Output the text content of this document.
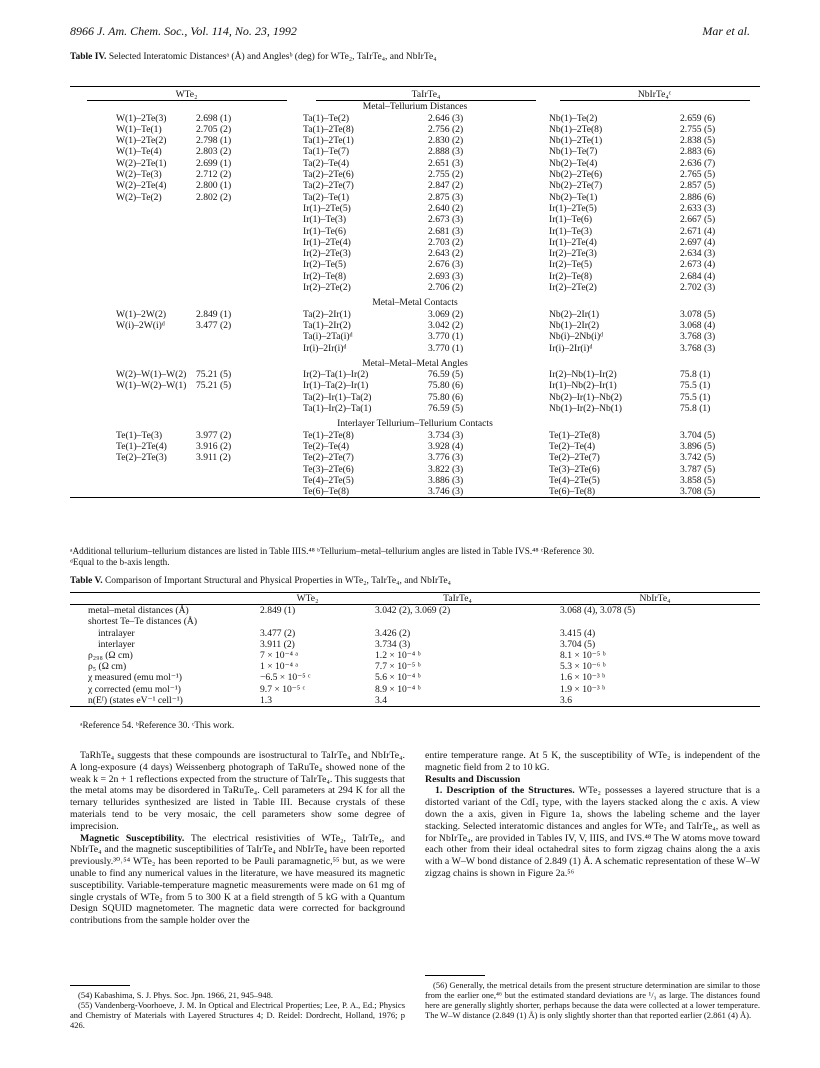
8966 J. Am. Chem. Soc., Vol. 114, No. 23, 1992	Mar et al.
Table IV. Selected Interatomic Distancesᵃ (Å) and Anglesᵇ (deg) for WTe₂, TaIrTe₄, and NbIrTe₄
WTe₂		TaIrTe₄		NbIrTe₄ᶜ	
Metal–Tellurium Distances					
W(1)–2Te(3)	2.698 (1)	Ta(1)–Te(2)	2.646 (3)	Nb(1)–Te(2)	2.659 (6)
W(1)–Te(1)	2.705 (2)	Ta(1)–2Te(8)	2.756 (2)	Nb(1)–2Te(8)	2.755 (5)
W(1)–2Te(2)	2.798 (1)	Ta(1)–2Te(1)	2.830 (2)	Nb(1)–2Te(1)	2.838 (5)
W(1)–Te(4)	2.803 (2)	Ta(1)–Te(7)	2.888 (3)	Nb(1)–Te(7)	2.883 (6)
W(2)–2Te(1)	2.699 (1)	Ta(2)–Te(4)	2.651 (3)	Nb(2)–Te(4)	2.636 (7)
W(2)–Te(3)	2.712 (2)	Ta(2)–2Te(6)	2.755 (2)	Nb(2)–2Te(6)	2.765 (5)
W(2)–2Te(4)	2.800 (1)	Ta(2)–2Te(7)	2.847 (2)	Nb(2)–2Te(7)	2.857 (5)
W(2)–Te(2)	2.802 (2)	Ta(2)–Te(1)	2.875 (3)	Nb(2)–Te(1)	2.886 (6)
		Ir(1)–2Te(5)	2.640 (2)	Ir(1)–2Te(5)	2.633 (3)
		Ir(1)–Te(3)	2.673 (3)	Ir(1)–Te(6)	2.667 (5)
		Ir(1)–Te(6)	2.681 (3)	Ir(1)–Te(3)	2.671 (4)
		Ir(1)–2Te(4)	2.703 (2)	Ir(1)–2Te(4)	2.697 (4)
		Ir(2)–2Te(3)	2.643 (2)	Ir(2)–2Te(3)	2.634 (3)
		Ir(2)–Te(5)	2.676 (3)	Ir(2)–Te(5)	2.673 (4)
		Ir(2)–Te(8)	2.693 (3)	Ir(2)–Te(8)	2.684 (4)
		Ir(2)–2Te(2)	2.706 (2)	Ir(2)–2Te(2)	2.702 (3)

Metal–Metal Contacts					
W(1)–2W(2)	2.849 (1)	Ta(2)–2Ir(1)	3.069 (2)	Nb(2)–2Ir(1)	3.078 (5)
W(i)–2W(i)ᵈ	3.477 (2)	Ta(1)–2Ir(2)	3.042 (2)	Nb(1)–2Ir(2)	3.068 (4)
		Ta(i)–2Ta(i)ᵈ	3.770 (1)	Nb(i)–2Nb(i)ᵈ	3.768 (3)
		Ir(i)–2Ir(i)ᵈ	3.770 (1)	Ir(i)–2Ir(i)ᵈ	3.768 (3)

Metal–Metal–Metal Angles					
W(2)–W(1)–W(2)	75.21 (5)	Ir(2)–Ta(1)–Ir(2)	76.59 (5)	Ir(2)–Nb(1)–Ir(2)	75.8 (1)
W(1)–W(2)–W(1)	75.21 (5)	Ir(1)–Ta(2)–Ir(1)	75.80 (6)	Ir(1)–Nb(2)–Ir(1)	75.5 (1)
		Ta(2)–Ir(1)–Ta(2)	75.80 (6)	Nb(2)–Ir(1)–Nb(2)	75.5 (1)
		Ta(1)–Ir(2)–Ta(1)	76.59 (5)	Nb(1)–Ir(2)–Nb(1)	75.8 (1)

Interlayer Tellurium–Tellurium Contacts					
Te(1)–Te(3)	3.977 (2)	Te(1)–2Te(8)	3.734 (3)	Te(1)–2Te(8)	3.704 (5)
Te(1)–2Te(4)	3.916 (2)	Te(2)–Te(4)	3.928 (4)	Te(2)–Te(4)	3.896 (5)
Te(2)–2Te(3)	3.911 (2)	Te(2)–2Te(7)	3.776 (3)	Te(2)–2Te(7)	3.742 (5)
		Te(3)–2Te(6)	3.822 (3)	Te(3)–2Te(6)	3.787 (5)
		Te(4)–2Te(5)	3.886 (3)	Te(4)–2Te(5)	3.858 (5)
		Te(6)–Te(8)	3.746 (3)	Te(6)–Te(8)	3.708 (5)
ᵃAdditional tellurium–tellurium distances are listed in Table IIIS.⁴⁸ ᵇTellurium–metal–tellurium angles are listed in Table IVS.⁴⁸ ᶜReference 30.
ᵈEqual to the b-axis length.
Table V. Comparison of Important Structural and Physical Properties in WTe₂, TaIrTe₄, and NbIrTe₄
	WTe₂	TaIrTe₄	NbIrTe₄
metal–metal distances (Å)	2.849 (1)	3.042 (2), 3.069 (2)	3.068 (4), 3.078 (5)
shortest Te–Te distances (Å)			
intralayer	3.477 (2)	3.426 (2)	3.415 (4)
interlayer	3.911 (2)	3.734 (3)	3.704 (5)
ρ₂₉₈ (Ω cm)	7 × 10⁻⁴ ᵃ	1.2 × 10⁻⁴ ᵇ	8.1 × 10⁻⁵ ᵇ
ρ₅ (Ω cm)	1 × 10⁻⁴ ᵃ	7.7 × 10⁻⁵ ᵇ	5.3 × 10⁻⁶ ᵇ
χ measured (emu mol⁻¹)	−6.5 × 10⁻⁵ ᶜ	5.6 × 10⁻⁴ ᵇ	1.6 × 10⁻³ ᵇ
χ corrected (emu mol⁻¹)	9.7 × 10⁻⁵ ᶜ	8.9 × 10⁻⁴ ᵇ	1.9 × 10⁻³ ᵇ
n(Eᶠ) (states eV⁻¹ cell⁻¹)	1.3	3.4	3.6
ᵃReference 54. ᵇReference 30. ᶜThis work.

TaRhTe₄ suggests that these compounds are isostructural to TaIrTe₄ and NbIrTe₄. A long-exposure (4 days) Weissenberg photograph of TaRuTe₄ showed none of the weak k = 2n + 1 reflections expected from the structure of TaIrTe₄. This suggests that the metal atoms may be disordered in TaRuTe₄. Cell parameters at 294 K for all the ternary tellurides synthesized are listed in Table III. Because crystals of these materials tend to be very mosaic, the cell parameters show some degree of imprecision.

Magnetic Susceptibility. The electrical resistivities of WTe₂, TaIrTe₄, and NbIrTe₄ and the magnetic susceptibilities of TaIrTe₄ and NbIrTe₄ have been reported previously.³⁰˒⁵⁴ WTe₂ has been reported to be Pauli paramagnetic,⁵⁵ but, as we were unable to find any numerical values in the literature, we have measured its magnetic susceptibility. Variable-temperature magnetic measurements were made on 61 mg of single crystals of WTe₂ from 5 to 300 K at a field strength of 5 kG with a Quantum Design SQUID magnetometer. The magnetic data were corrected for background contributions from the sample holder over the

(54) Kabashima, S. J. Phys. Soc. Jpn. 1966, 21, 945–948.

(55) Vandenberg-Voorhoeve, J. M. In Optical and Electrical Properties; Lee, P. A., Ed.; Physics and Chemistry of Materials with Layered Structures 4; D. Reidel: Dordrecht, Holland, 1976; p 426.

entire temperature range. At 5 K, the susceptibility of WTe₂ is independent of the magnetic field from 2 to 10 kG.

Results and Discussion

1. Description of the Structures. WTe₂ possesses a layered structure that is a distorted variant of the CdI₂ type, with the layers stacked along the c axis. A view down the a axis, given in Figure 1a, shows the labeling scheme and the layer stacking. Selected interatomic distances and angles for WTe₂ and TaIrTe₄, as well as for NbIrTe₄, are provided in Tables IV, V, IIIS, and IVS.⁴⁸ The W atoms move toward each other from their ideal octahedral sites to form zigzag chains along the a axis with a W–W bond distance of 2.849 (1) Å. A schematic representation of these W–W zigzag chains is shown in Figure 2a.⁵⁶

(56) Generally, the metrical details from the present structure determination are similar to those from the earlier one,⁴⁶ but the estimated standard deviations are ¹/₃ as large. The distances found here are generally slightly shorter, perhaps because the data were collected at a lower temperature. The W–W distance (2.849 (1) Å) is only slightly shorter than that reported earlier (2.861 (4) Å).
